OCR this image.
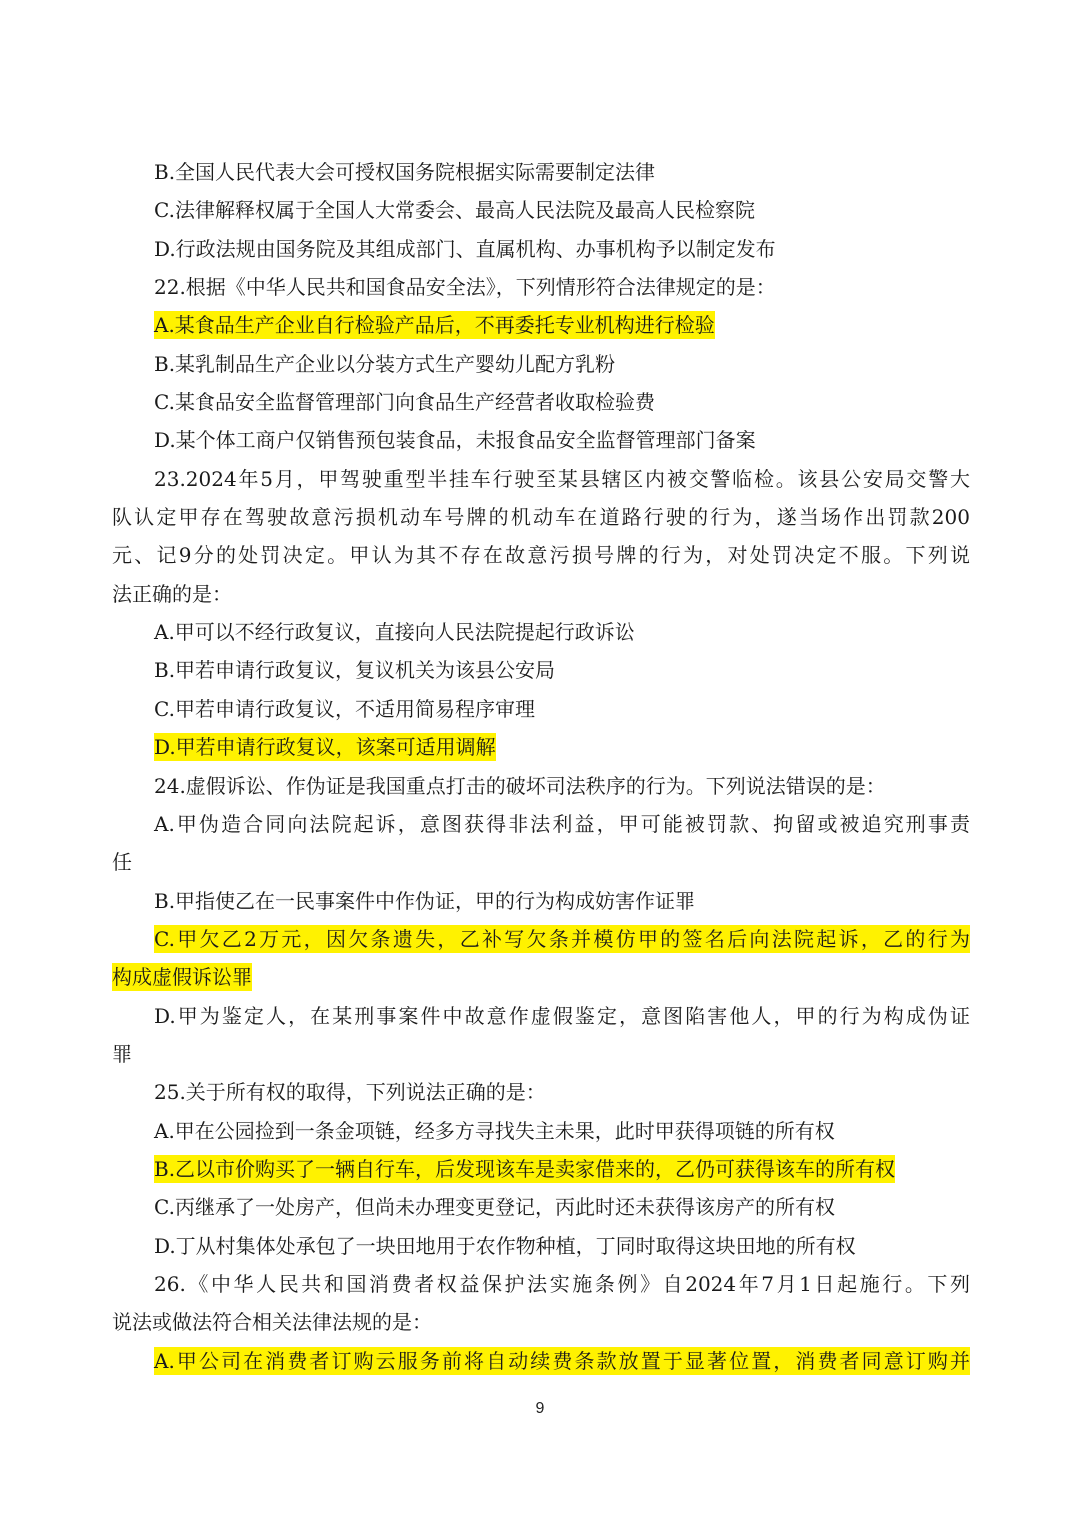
B.全国人民代表大会可授权国务院根据实际需要制定法律
C.法律解释权属于全国人大常委会、最高人民法院及最高人民检察院
D.行政法规由国务院及其组成部门、直属机构、办事机构予以制定发布
22.根据《中华人民共和国食品安全法》，下列情形符合法律规定的是：
A.某食品生产企业自行检验产品后，不再委托专业机构进行检验
B.某乳制品生产企业以分装方式生产婴幼儿配方乳粉
C.某食品安全监督管理部门向食品生产经营者收取检验费
D.某个体工商户仅销售预包装食品，未报食品安全监督管理部门备案
23.2024年5月，甲驾驶重型半挂车行驶至某县辖区内被交警临检。该县公安局交警大
队认定甲存在驾驶故意污损机动车号牌的机动车在道路行驶的行为，遂当场作出罚款200
元、记9分的处罚决定。甲认为其不存在故意污损号牌的行为，对处罚决定不服。下列说
法正确的是：
A.甲可以不经行政复议，直接向人民法院提起行政诉讼
B.甲若申请行政复议，复议机关为该县公安局
C.甲若申请行政复议，不适用简易程序审理
D.甲若申请行政复议，该案可适用调解
24.虚假诉讼、作伪证是我国重点打击的破坏司法秩序的行为。下列说法错误的是：
A.甲伪造合同向法院起诉，意图获得非法利益，甲可能被罚款、拘留或被追究刑事责
任
B.甲指使乙在一民事案件中作伪证，甲的行为构成妨害作证罪
C.甲欠乙2万元，因欠条遗失，乙补写欠条并模仿甲的签名后向法院起诉，乙的行为
构成虚假诉讼罪
D.甲为鉴定人，在某刑事案件中故意作虚假鉴定，意图陷害他人，甲的行为构成伪证
罪
25.关于所有权的取得，下列说法正确的是：
A.甲在公园捡到一条金项链，经多方寻找失主未果，此时甲获得项链的所有权
B.乙以市价购买了一辆自行车，后发现该车是卖家借来的，乙仍可获得该车的所有权
C.丙继承了一处房产，但尚未办理变更登记，丙此时还未获得该房产的所有权
D.丁从村集体处承包了一块田地用于农作物种植，丁同时取得这块田地的所有权
26.《中华人民共和国消费者权益保护法实施条例》自2024年7月1日起施行。下列
说法或做法符合相关法律法规的是：
A.甲公司在消费者订购云服务前将自动续费条款放置于显著位置，消费者同意订购并
9
